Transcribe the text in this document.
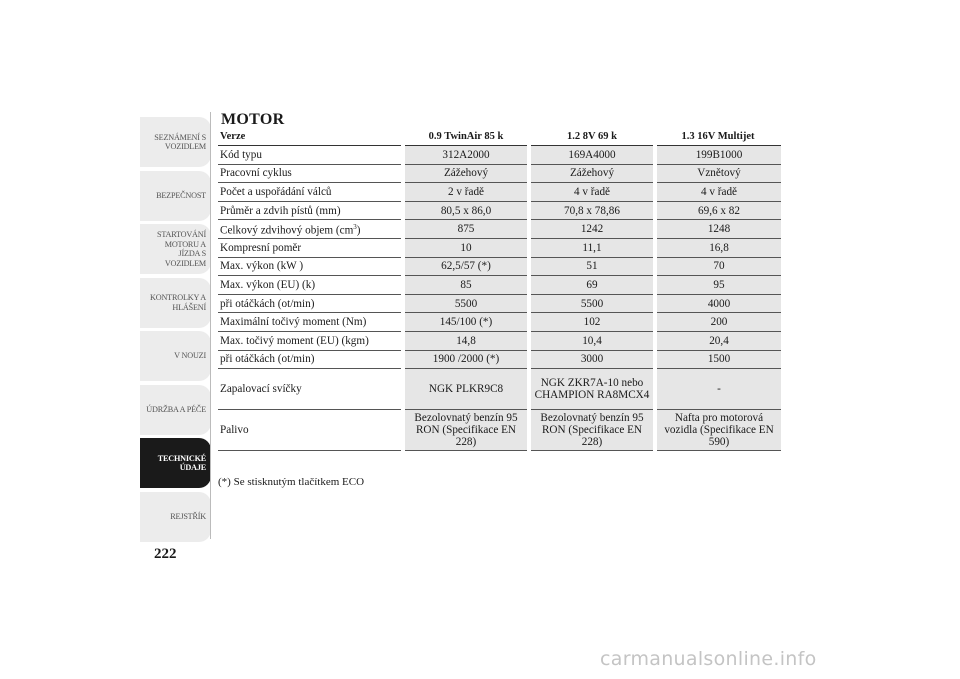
SEZNÁMENÍ S VOZIDLEM
BEZPEČNOST
STARTOVÁNÍ MOTORU A JÍZDA S VOZIDLEM
KONTROLKY A HLÁŠENÍ
V NOUZI
ÚDRŽBA A PÉČE
TECHNICKÉ ÚDAJE
REJSTŘÍK
222
MOTOR
Verze	0.9 TwinAir 85 k	1.2 8V 69 k	1.3 16V Multijet
Kód typu	312A2000	169A4000	199B1000
Pracovní cyklus	Zážehový	Zážehový	Vznětový
Počet a uspořádání válců	2 v řadě	4 v řadě	4 v řadě
Průměr a zdvih pístů (mm)	80,5 x 86,0	70,8 x 78,86	69,6 x 82
Celkový zdvihový objem $(cm^3)$	875	1242	1248
Kompresní poměr	10	11,1	16,8
Max. výkon (kW )	62,5/57 (*)	51	70
Max. výkon (EU) (k)	85	69	95
při otáčkách (ot/min)	5500	5500	4000
Maximální točivý moment (Nm)	145/100 (*)	102	200
Max. točivý moment (EU) (kgm)	14,8	10,4	20,4
při otáčkách (ot/min)	1900 /2000 (*)	3000	1500
Zapalovací svíčky	NGK PLKR9C8	NGK ZKR7A-10 nebo CHAMPION RA8MCX4	-
Palivo	Bezolovnatý benzín 95 RON (Specifikace EN 228)	Bezolovnatý benzín 95 RON (Specifikace EN 228)	Nafta pro motorová vozidla (Specifikace EN 590)
(*) Se stisknutým tlačítkem ECO
carmanualsonline.info
